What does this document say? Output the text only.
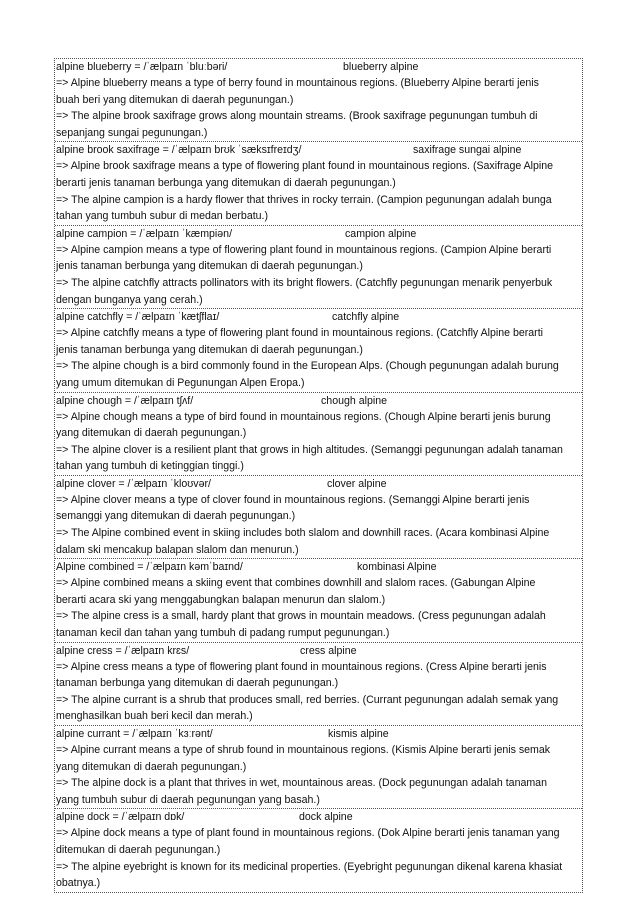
alpine blueberry = /ˈælpaɪn ˈbluːbəri/	blueberry alpine
=> Alpine blueberry means a type of berry found in mountainous regions. (Blueberry Alpine berarti jenis
buah beri yang ditemukan di daerah pegunungan.)
=> The alpine brook saxifrage grows along mountain streams. (Brook saxifrage pegunungan tumbuh di
sepanjang sungai pegunungan.)
alpine brook saxifrage = /ˈælpaɪn brʊk ˈsæksɪfreɪdʒ/	saxifrage sungai alpine
=> Alpine brook saxifrage means a type of flowering plant found in mountainous regions. (Saxifrage Alpine
berarti jenis tanaman berbunga yang ditemukan di daerah pegunungan.)
=> The alpine campion is a hardy flower that thrives in rocky terrain. (Campion pegunungan adalah bunga
tahan yang tumbuh subur di medan berbatu.)
alpine campion = /ˈælpaɪn ˈkæmpiən/	campion alpine
=> Alpine campion means a type of flowering plant found in mountainous regions. (Campion Alpine berarti
jenis tanaman berbunga yang ditemukan di daerah pegunungan.)
=> The alpine catchfly attracts pollinators with its bright flowers. (Catchfly pegunungan menarik penyerbuk
dengan bunganya yang cerah.)
alpine catchfly = /ˈælpaɪn ˈkætʃflaɪ/	catchfly alpine
=> Alpine catchfly means a type of flowering plant found in mountainous regions. (Catchfly Alpine berarti
jenis tanaman berbunga yang ditemukan di daerah pegunungan.)
=> The alpine chough is a bird commonly found in the European Alps. (Chough pegunungan adalah burung
yang umum ditemukan di Pegunungan Alpen Eropa.)
alpine chough = /ˈælpaɪn tʃʌf/	chough alpine
=> Alpine chough means a type of bird found in mountainous regions. (Chough Alpine berarti jenis burung
yang ditemukan di daerah pegunungan.)
=> The alpine clover is a resilient plant that grows in high altitudes. (Semanggi pegunungan adalah tanaman
tahan yang tumbuh di ketinggian tinggi.)
alpine clover = /ˈælpaɪn ˈkloʊvər/	clover alpine
=> Alpine clover means a type of clover found in mountainous regions. (Semanggi Alpine berarti jenis
semanggi yang ditemukan di daerah pegunungan.)
=> The Alpine combined event in skiing includes both slalom and downhill races. (Acara kombinasi Alpine
dalam ski mencakup balapan slalom dan menurun.)
Alpine combined = /ˈælpaɪn kəmˈbaɪnd/	kombinasi Alpine
=> Alpine combined means a skiing event that combines downhill and slalom races. (Gabungan Alpine
berarti acara ski yang menggabungkan balapan menurun dan slalom.)
=> The alpine cress is a small, hardy plant that grows in mountain meadows. (Cress pegunungan adalah
tanaman kecil dan tahan yang tumbuh di padang rumput pegunungan.)
alpine cress = /ˈælpaɪn krɛs/	cress alpine
=> Alpine cress means a type of flowering plant found in mountainous regions. (Cress Alpine berarti jenis
tanaman berbunga yang ditemukan di daerah pegunungan.)
=> The alpine currant is a shrub that produces small, red berries. (Currant pegunungan adalah semak yang
menghasilkan buah beri kecil dan merah.)
alpine currant = /ˈælpaɪn ˈkɜːrənt/	kismis alpine
=> Alpine currant means a type of shrub found in mountainous regions. (Kismis Alpine berarti jenis semak
yang ditemukan di daerah pegunungan.)
=> The alpine dock is a plant that thrives in wet, mountainous areas. (Dock pegunungan adalah tanaman
yang tumbuh subur di daerah pegunungan yang basah.)
alpine dock = /ˈælpaɪn dɒk/	dock alpine
=> Alpine dock means a type of plant found in mountainous regions. (Dok Alpine berarti jenis tanaman yang
ditemukan di daerah pegunungan.)
=> The alpine eyebright is known for its medicinal properties. (Eyebright pegunungan dikenal karena khasiat
obatnya.)
